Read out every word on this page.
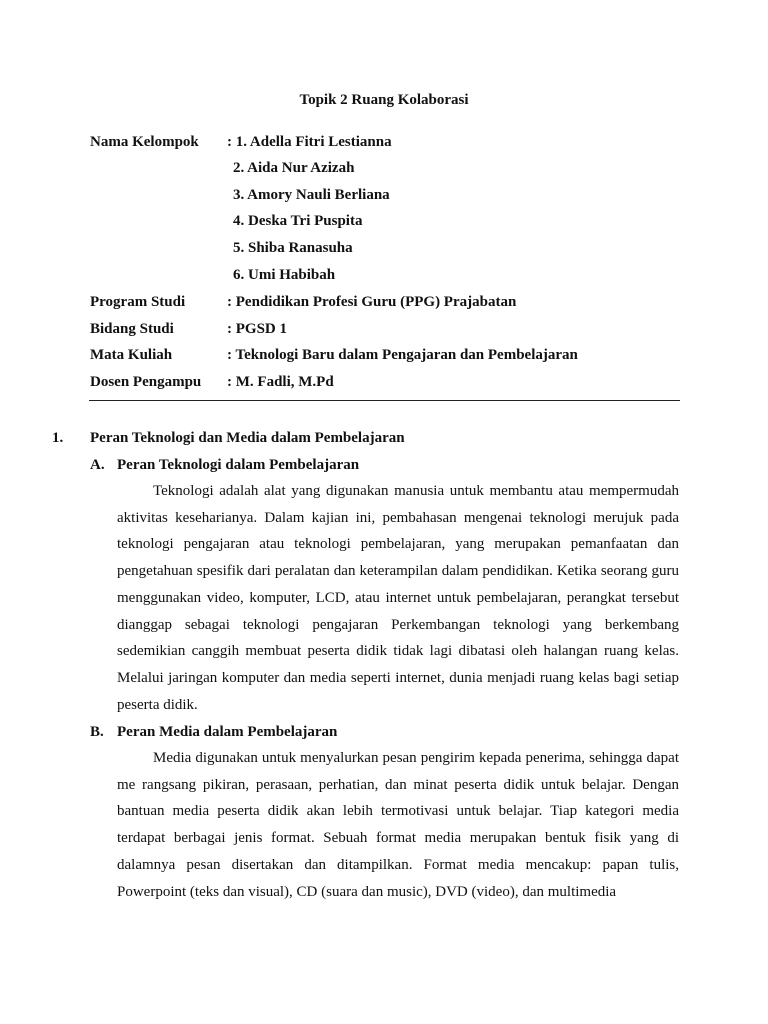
Topik 2 Ruang Kolaborasi
Nama Kelompok : 1. Adella Fitri Lestianna
2. Aida Nur Azizah
3. Amory Nauli Berliana
4. Deska Tri Puspita
5. Shiba Ranasuha
6. Umi Habibah
Program Studi	: Pendidikan Profesi Guru (PPG) Prajabatan
Bidang Studi	: PGSD 1
Mata Kuliah	: Teknologi Baru dalam Pengajaran dan Pembelajaran
Dosen Pengampu : M. Fadli, M.Pd
1. Peran Teknologi dan Media dalam Pembelajaran
A. Peran Teknologi dalam Pembelajaran

Teknologi adalah alat yang digunakan manusia untuk membantu atau mempermudah aktivitas keseharianya. Dalam kajian ini, pembahasan mengenai teknologi merujuk pada teknologi pengajaran atau teknologi pembelajaran, yang merupakan pemanfaatan dan pengetahuan spesifik dari peralatan dan keterampilan dalam pendidikan. Ketika seorang guru menggunakan video, komputer, LCD, atau internet untuk pembelajaran, perangkat tersebut dianggap sebagai teknologi pengajaran Perkembangan teknologi yang berkembang sedemikian canggih membuat peserta didik tidak lagi dibatasi oleh halangan ruang kelas. Melalui jaringan komputer dan media seperti internet, dunia menjadi ruang kelas bagi setiap peserta didik.

B. Peran Media dalam Pembelajaran

Media digunakan untuk menyalurkan pesan pengirim kepada penerima, sehingga dapat me rangsang pikiran, perasaan, perhatian, dan minat peserta didik untuk belajar. Dengan bantuan media peserta didik akan lebih termotivasi untuk belajar. Tiap kategori media terdapat berbagai jenis format. Sebuah format media merupakan bentuk fisik yang di dalamnya pesan disertakan dan ditampilkan. Format media mencakup: papan tulis, Powerpoint (teks dan visual), CD (suara dan music), DVD (video), dan multimedia
